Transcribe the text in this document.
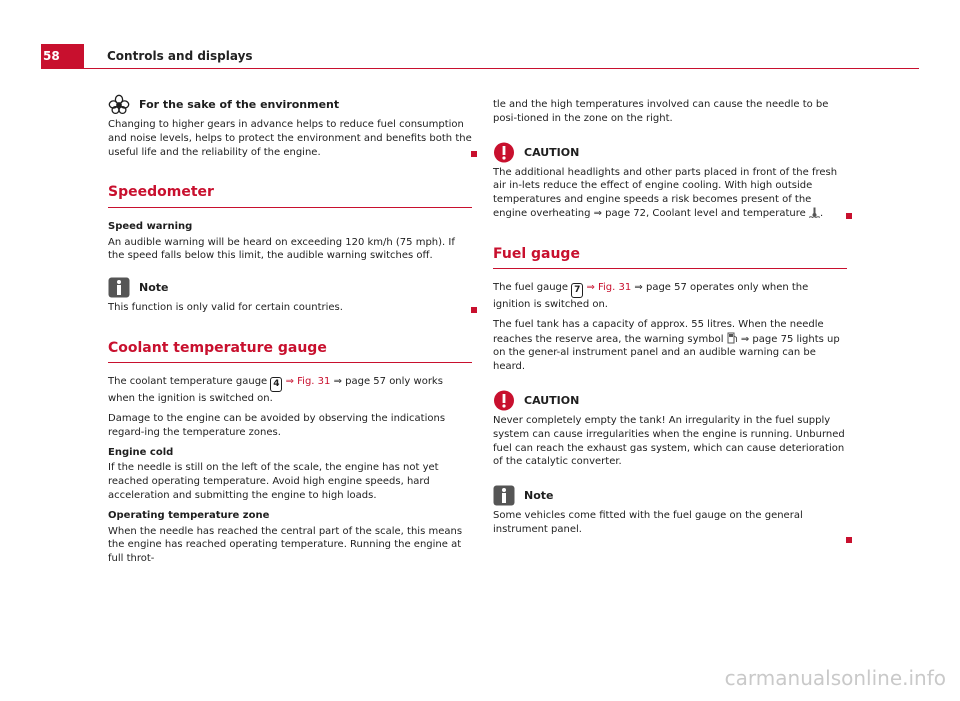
58	Controls and displays
For the sake of the environment

Changing to higher gears in advance helps to reduce fuel consumption and noise levels, helps to protect the environment and benefits both the useful life and the reliability of the engine.

Speedometer

Speed warning

An audible warning will be heard on exceeding 120 km/h (75 mph). If the speed falls below this limit, the audible warning switches off.

Note

This function is only valid for certain countries.

Coolant temperature gauge

The coolant temperature gauge 4 ⇒ Fig. 31 ⇒ page 57 only works when the ignition is switched on.

Damage to the engine can be avoided by observing the indications regard-ing the temperature zones.

Engine cold

If the needle is still on the left of the scale, the engine has not yet reached operating temperature. Avoid high engine speeds, hard acceleration and submitting the engine to high loads.

Operating temperature zone

When the needle has reached the central part of the scale, this means the engine has reached operating temperature. Running the engine at full throt-

tle and the high temperatures involved can cause the needle to be posi-tioned in the zone on the right.

CAUTION

The additional headlights and other parts placed in front of the fresh air in-lets reduce the effect of engine cooling. With high outside temperatures and engine speeds a risk becomes present of the engine overheating ⇒ page 72, Coolant level and temperature .

Fuel gauge

The fuel gauge 7 ⇒ Fig. 31 ⇒ page 57 operates only when the ignition is switched on.

The fuel tank has a capacity of approx. 55 litres. When the needle reaches the reserve area, the warning symbol ⇒ page 75 lights up on the gener-al instrument panel and an audible warning can be heard.

CAUTION

Never completely empty the tank! An irregularity in the fuel supply system can cause irregularities when the engine is running. Unburned fuel can reach the exhaust gas system, which can cause deterioration of the catalytic converter.

Note

Some vehicles come fitted with the fuel gauge on the general instrument panel.

carmanualsonline.info
